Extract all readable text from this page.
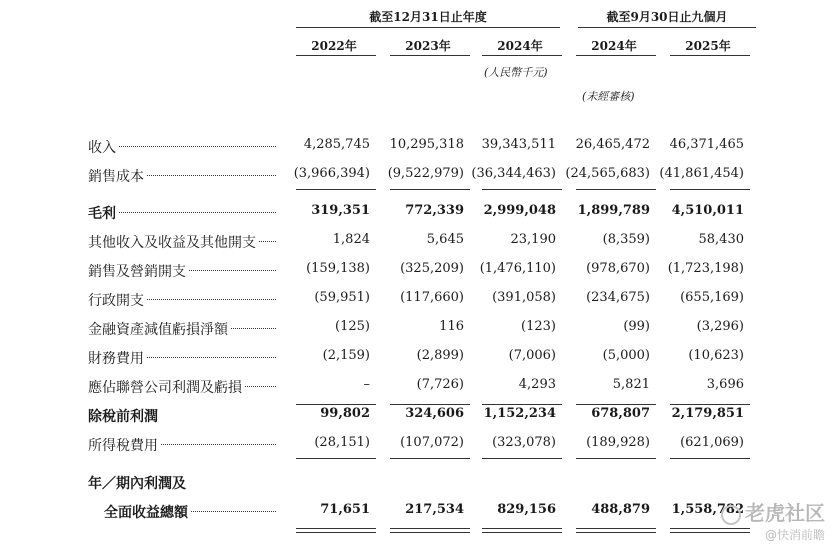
截至12月31日止年度	截至9月30日止九個月
2022年	2023年	2024年	2024年	2025年
(人民幣千元)
(未經審核)
收入	4,285,745 10,295,318 39,343,511 26,465,472 46,371,465
銷售成本	(3,966,394) (9,522,979) (36,344,463) (24,565,683) (41,861,454)
毛利	319,351	772,339 2,999,048 1,899,789 4,510,011
其他收入及收益及其他開支	1,824	5,645	23,190	(8,359)	58,430
銷售及營銷開支	(159,138) (325,209) (1,476,110) (978,670) (1,723,198)
行政開支	(59,951) (117,660) (391,058) (234,675) (655,169)
金融資產減值虧損淨額	(125)	116	(123)	(99)	(3,296)
財務費用	(2,159)	(2,899)	(7,006)	(5,000)	(10,623)
應佔聯營公司利潤及虧損	–	(7,726)	4,293	5,821	3,696
除稅前利潤	99,802	324,606 1,152,234	678,807 2,179,851
所得稅費用	(28,151) (107,072) (323,078) (189,928) (621,069)
年／期內利潤及
全面收益總額	71,651	217,534	829,156	488,879 1,558,782 老虎社区
@快消前瞻
